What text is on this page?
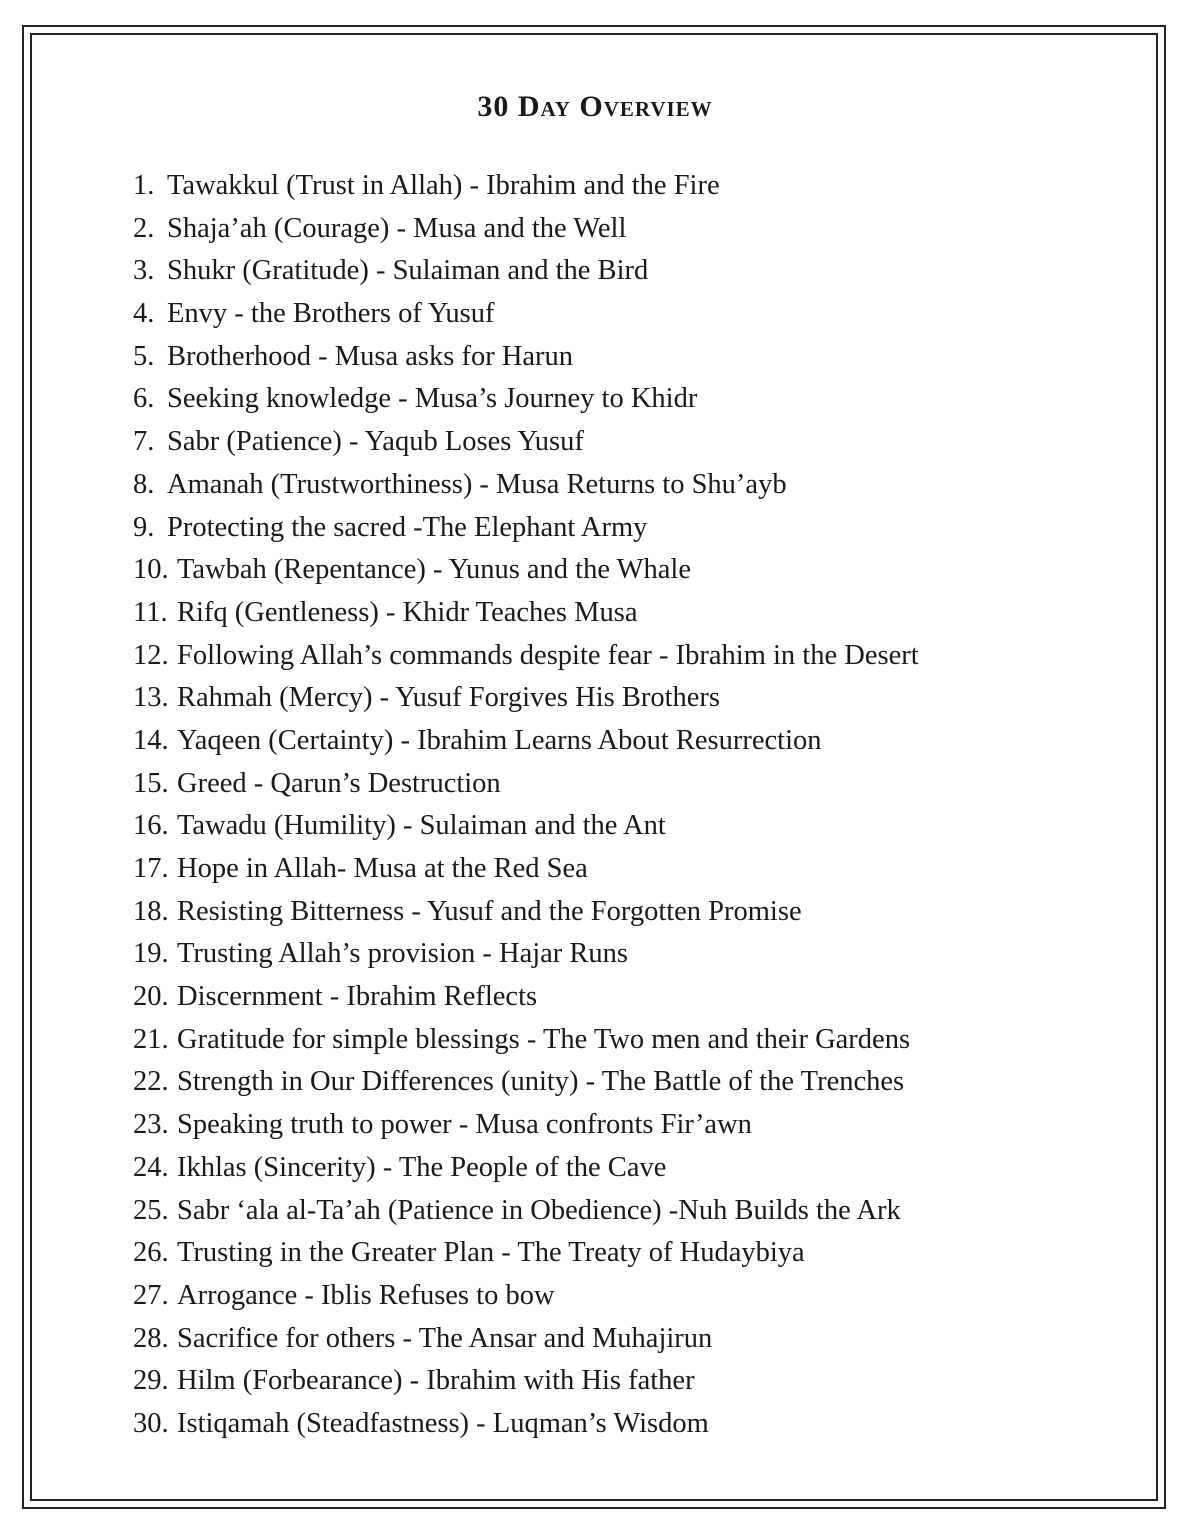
30 Day Overview
1. Tawakkul (Trust in Allah) - Ibrahim and the Fire
2. Shaja’ah (Courage) - Musa and the Well
3. Shukr (Gratitude) - Sulaiman and the Bird
4. Envy - the Brothers of Yusuf
5. Brotherhood - Musa asks for Harun
6. Seeking knowledge - Musa’s Journey to Khidr
7. Sabr (Patience) - Yaqub Loses Yusuf
8. Amanah (Trustworthiness) - Musa Returns to Shu’ayb
9. Protecting the sacred -The Elephant Army
10. Tawbah (Repentance) - Yunus and the Whale
11. Rifq (Gentleness) - Khidr Teaches Musa
12. Following Allah’s commands despite fear - Ibrahim in the Desert
13. Rahmah (Mercy) - Yusuf Forgives His Brothers
14. Yaqeen (Certainty) - Ibrahim Learns About Resurrection
15. Greed - Qarun’s Destruction
16. Tawadu (Humility) - Sulaiman and the Ant
17. Hope in Allah- Musa at the Red Sea
18. Resisting Bitterness - Yusuf and the Forgotten Promise
19. Trusting Allah’s provision - Hajar Runs
20. Discernment - Ibrahim Reflects
21. Gratitude for simple blessings - The Two men and their Gardens
22. Strength in Our Differences (unity) - The Battle of the Trenches
23. Speaking truth to power - Musa confronts Fir’awn
24. Ikhlas (Sincerity) - The People of the Cave
25. Sabr ‘ala al-Ta’ah (Patience in Obedience) -Nuh Builds the Ark
26. Trusting in the Greater Plan - The Treaty of Hudaybiya
27. Arrogance - Iblis Refuses to bow
28. Sacrifice for others - The Ansar and Muhajirun
29. Hilm (Forbearance) - Ibrahim with His father
30. Istiqamah (Steadfastness) - Luqman’s Wisdom
